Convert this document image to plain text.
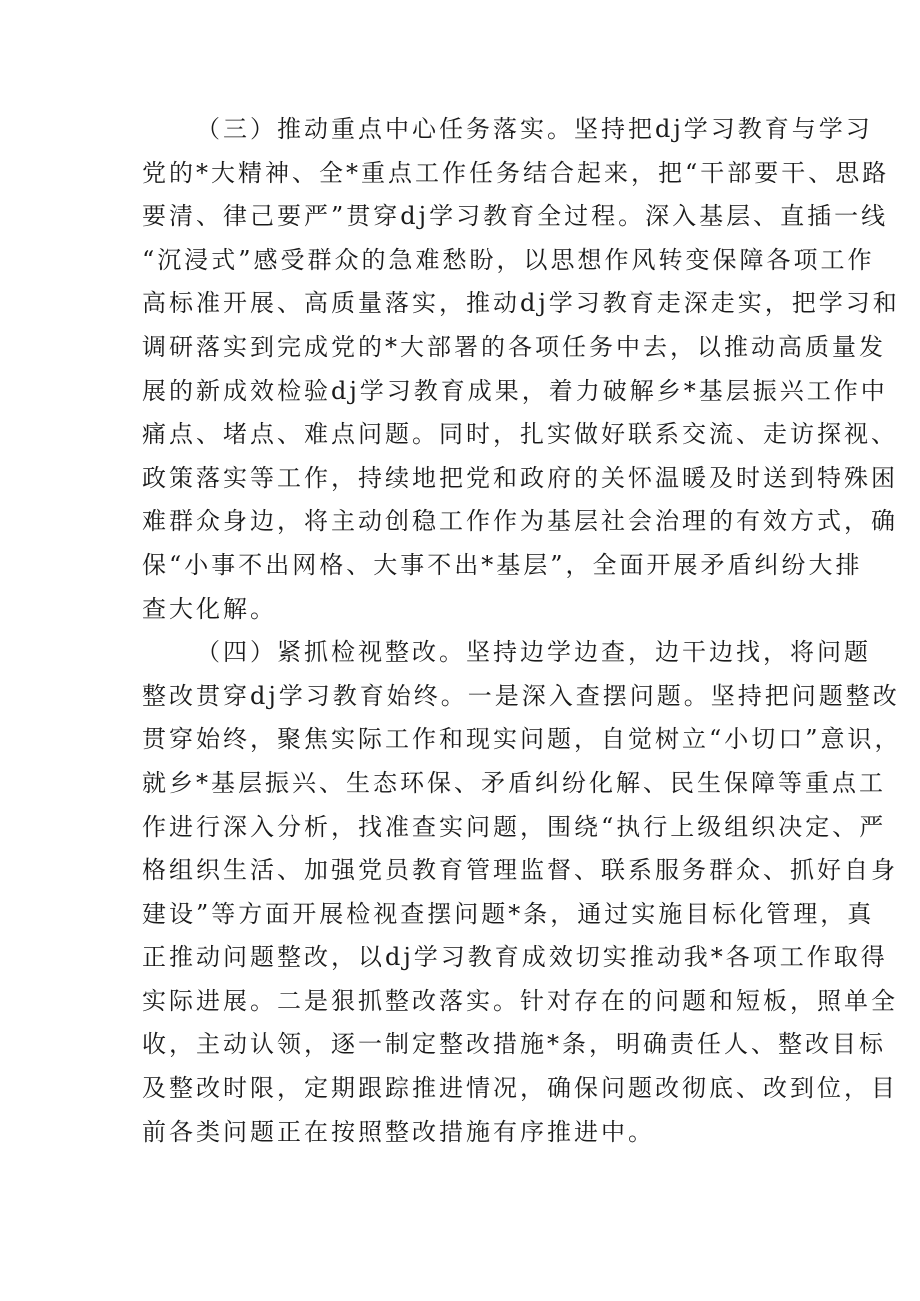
（三）推动重点中心任务落实。坚持把dj学习教育与学习
党的*大精神、全*重点工作任务结合起来，把“干部要干、思路
要清、律己要严”贯穿dj学习教育全过程。深入基层、直插一线
“沉浸式”感受群众的急难愁盼，以思想作风转变保障各项工作
高标准开展、高质量落实，推动dj学习教育走深走实，把学习和
调研落实到完成党的*大部署的各项任务中去，以推动高质量发
展的新成效检验dj学习教育成果，着力破解乡*基层振兴工作中
痛点、堵点、难点问题。同时，扎实做好联系交流、走访探视、
政策落实等工作，持续地把党和政府的关怀温暖及时送到特殊困
难群众身边，将主动创稳工作作为基层社会治理的有效方式，确
保“小事不出网格、大事不出*基层”，全面开展矛盾纠纷大排
查大化解。
（四）紧抓检视整改。坚持边学边查，边干边找，将问题
整改贯穿dj学习教育始终。一是深入查摆问题。坚持把问题整改
贯穿始终，聚焦实际工作和现实问题，自觉树立“小切口”意识，
就乡*基层振兴、生态环保、矛盾纠纷化解、民生保障等重点工
作进行深入分析，找准查实问题，围绕“执行上级组织决定、严
格组织生活、加强党员教育管理监督、联系服务群众、抓好自身
建设”等方面开展检视查摆问题*条，通过实施目标化管理，真
正推动问题整改，以dj学习教育成效切实推动我*各项工作取得
实际进展。二是狠抓整改落实。针对存在的问题和短板，照单全
收，主动认领，逐一制定整改措施*条，明确责任人、整改目标
及整改时限，定期跟踪推进情况，确保问题改彻底、改到位，目
前各类问题正在按照整改措施有序推进中。
